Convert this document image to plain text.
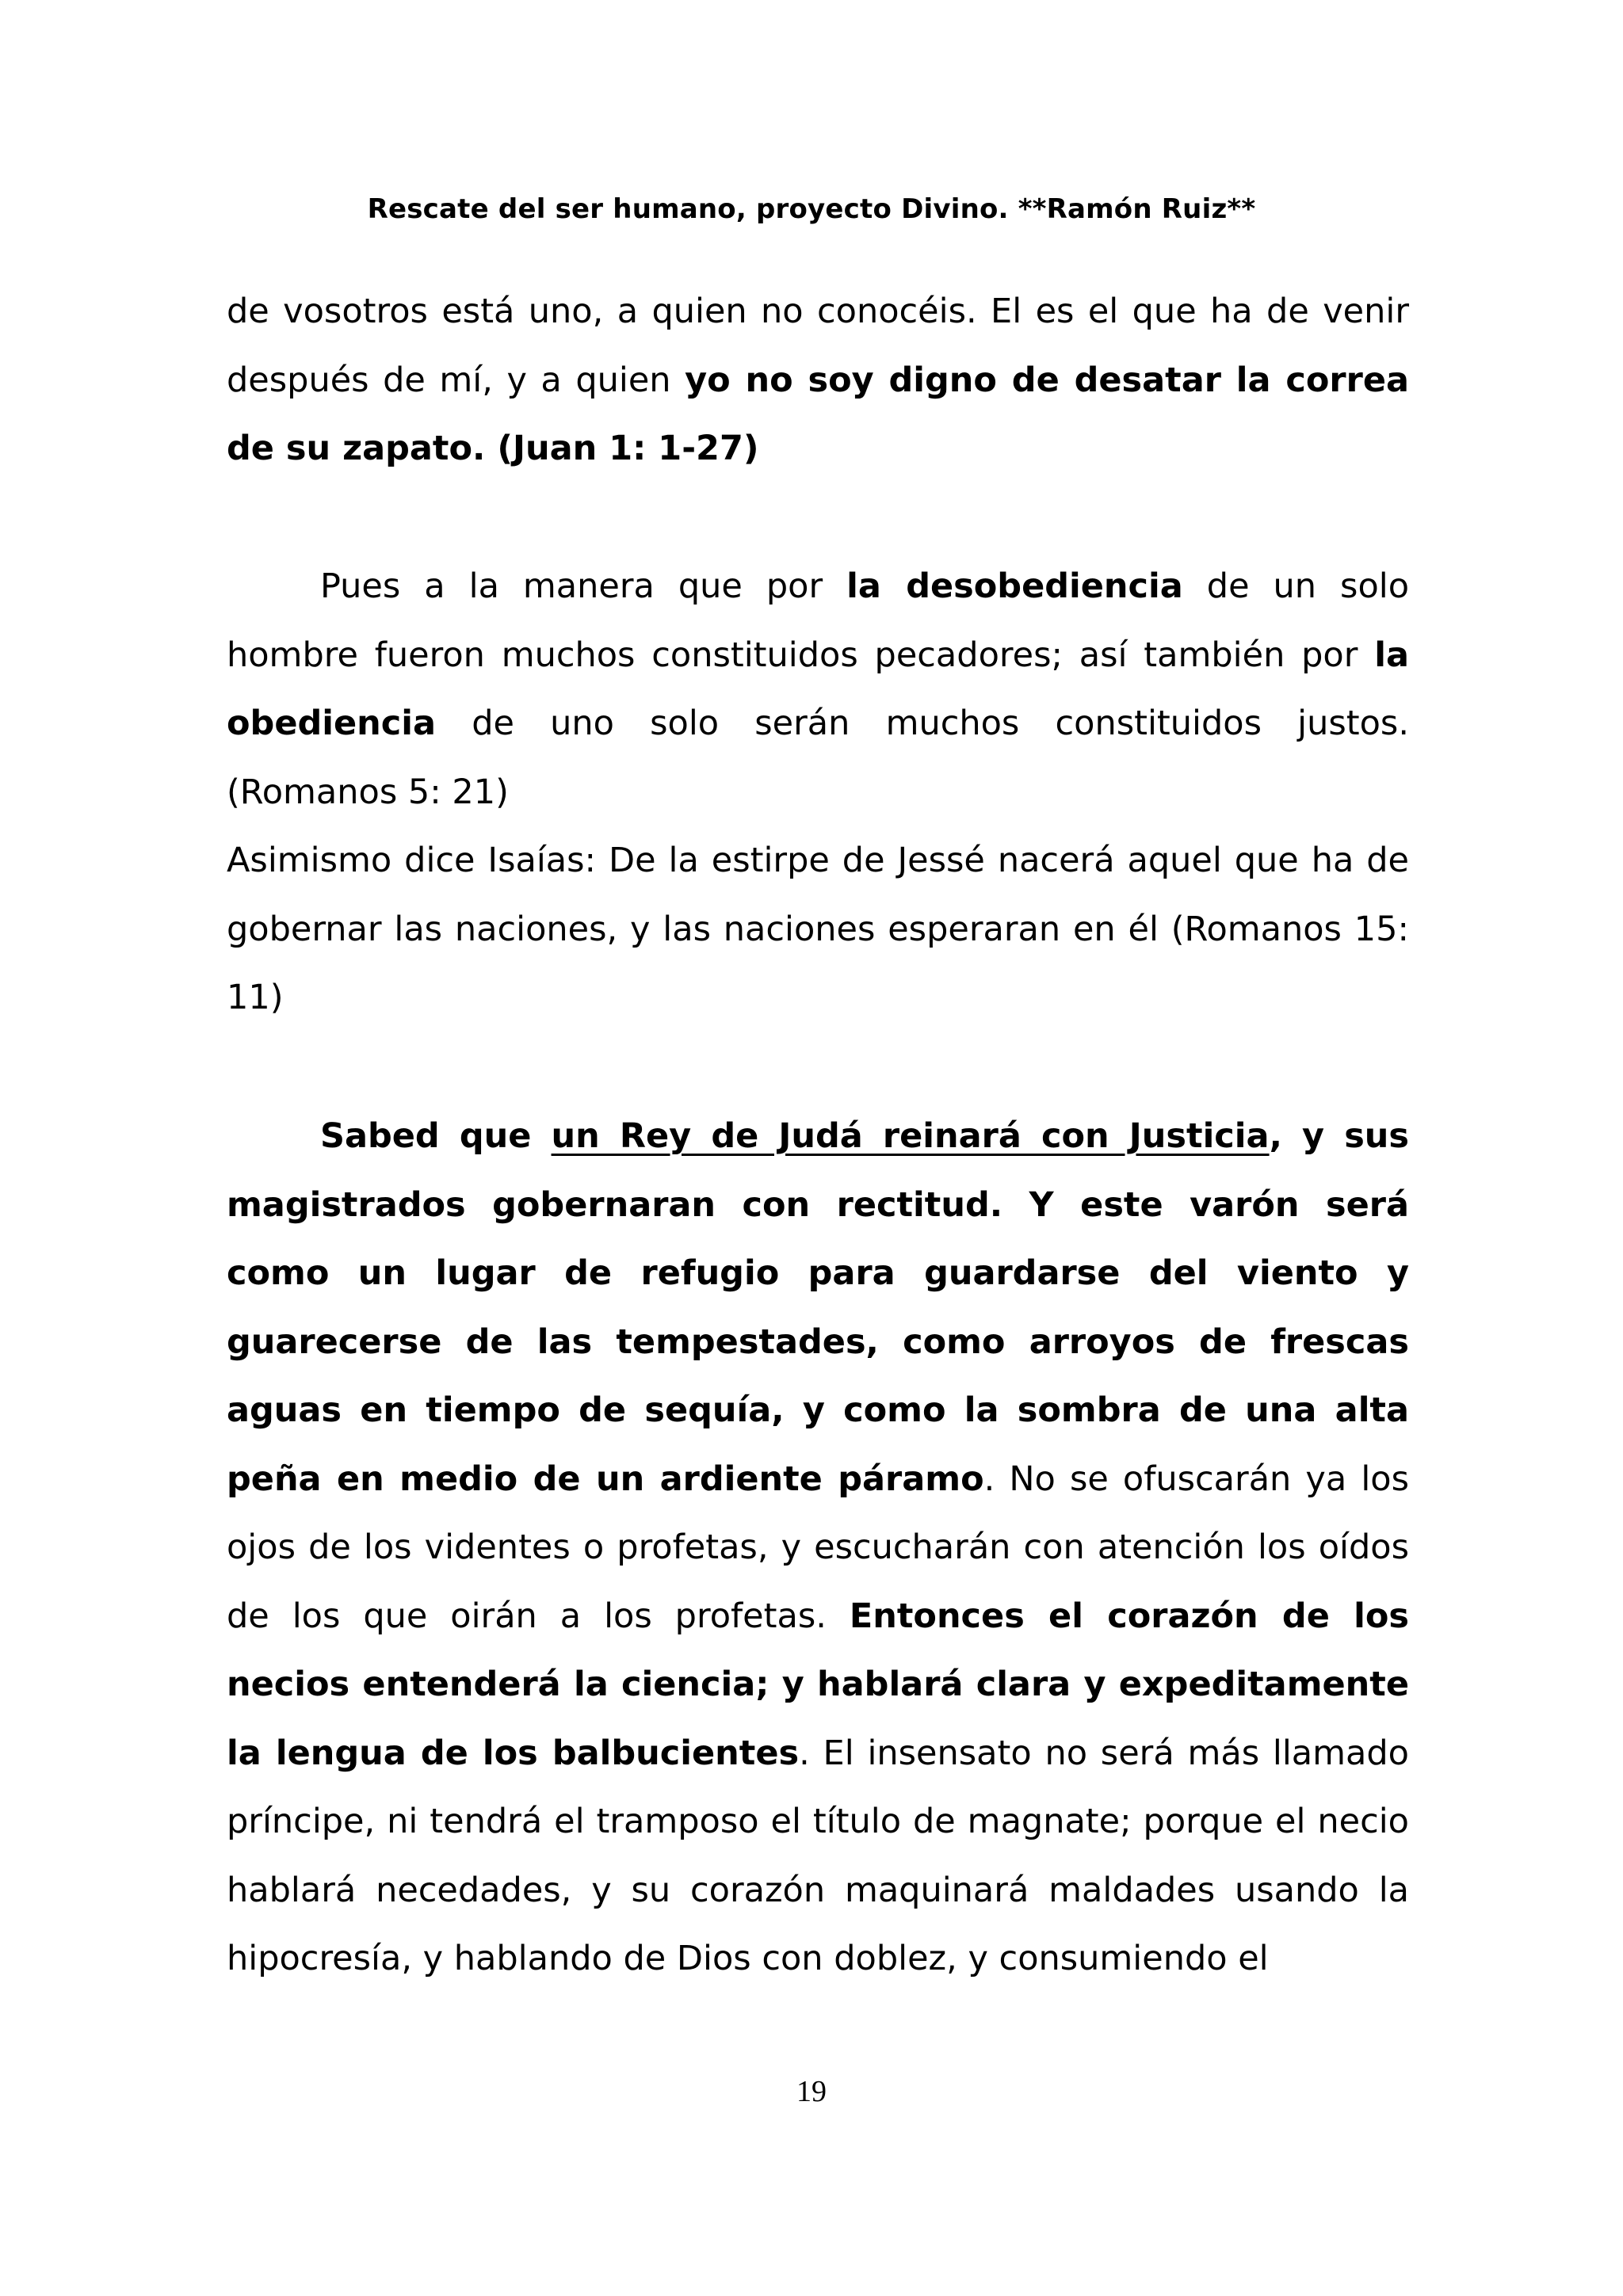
Rescate del ser humano, proyecto Divino. **Ramón Ruiz**

de vosotros está uno, a quien no conocéis. El es el que ha de venir después de mí, y a quien yo no soy digno de desatar la correa de su zapato. (Juan 1: 1-27)

Pues a la manera que por la desobediencia de un solo hombre fueron muchos constituidos pecadores; así también por la obediencia de uno solo serán muchos constituidos justos. (Romanos 5: 21)

Asimismo dice Isaías: De la estirpe de Jessé nacerá aquel que ha de gobernar las naciones, y las naciones esperaran en él (Romanos 15: 11)

Sabed que un Rey de Judá reinará con Justicia, y sus magistrados gobernaran con rectitud. Y este varón será como un lugar de refugio para guardarse del viento y guarecerse de las tempestades, como arroyos de frescas aguas en tiempo de sequía, y como la sombra de una alta peña en medio de un ardiente páramo. No se ofuscarán ya los ojos de los videntes o profetas, y escucharán con atención los oídos de los que oirán a los profetas. Entonces el corazón de los necios entenderá la ciencia; y hablará clara y expeditamente la lengua de los balbucientes. El insensato no será más llamado príncipe, ni tendrá el tramposo el título de magnate; porque el necio hablará necedades, y su corazón maquinará maldades usando la hipocresía, y hablando de Dios con doblez, y consumiendo el

19
